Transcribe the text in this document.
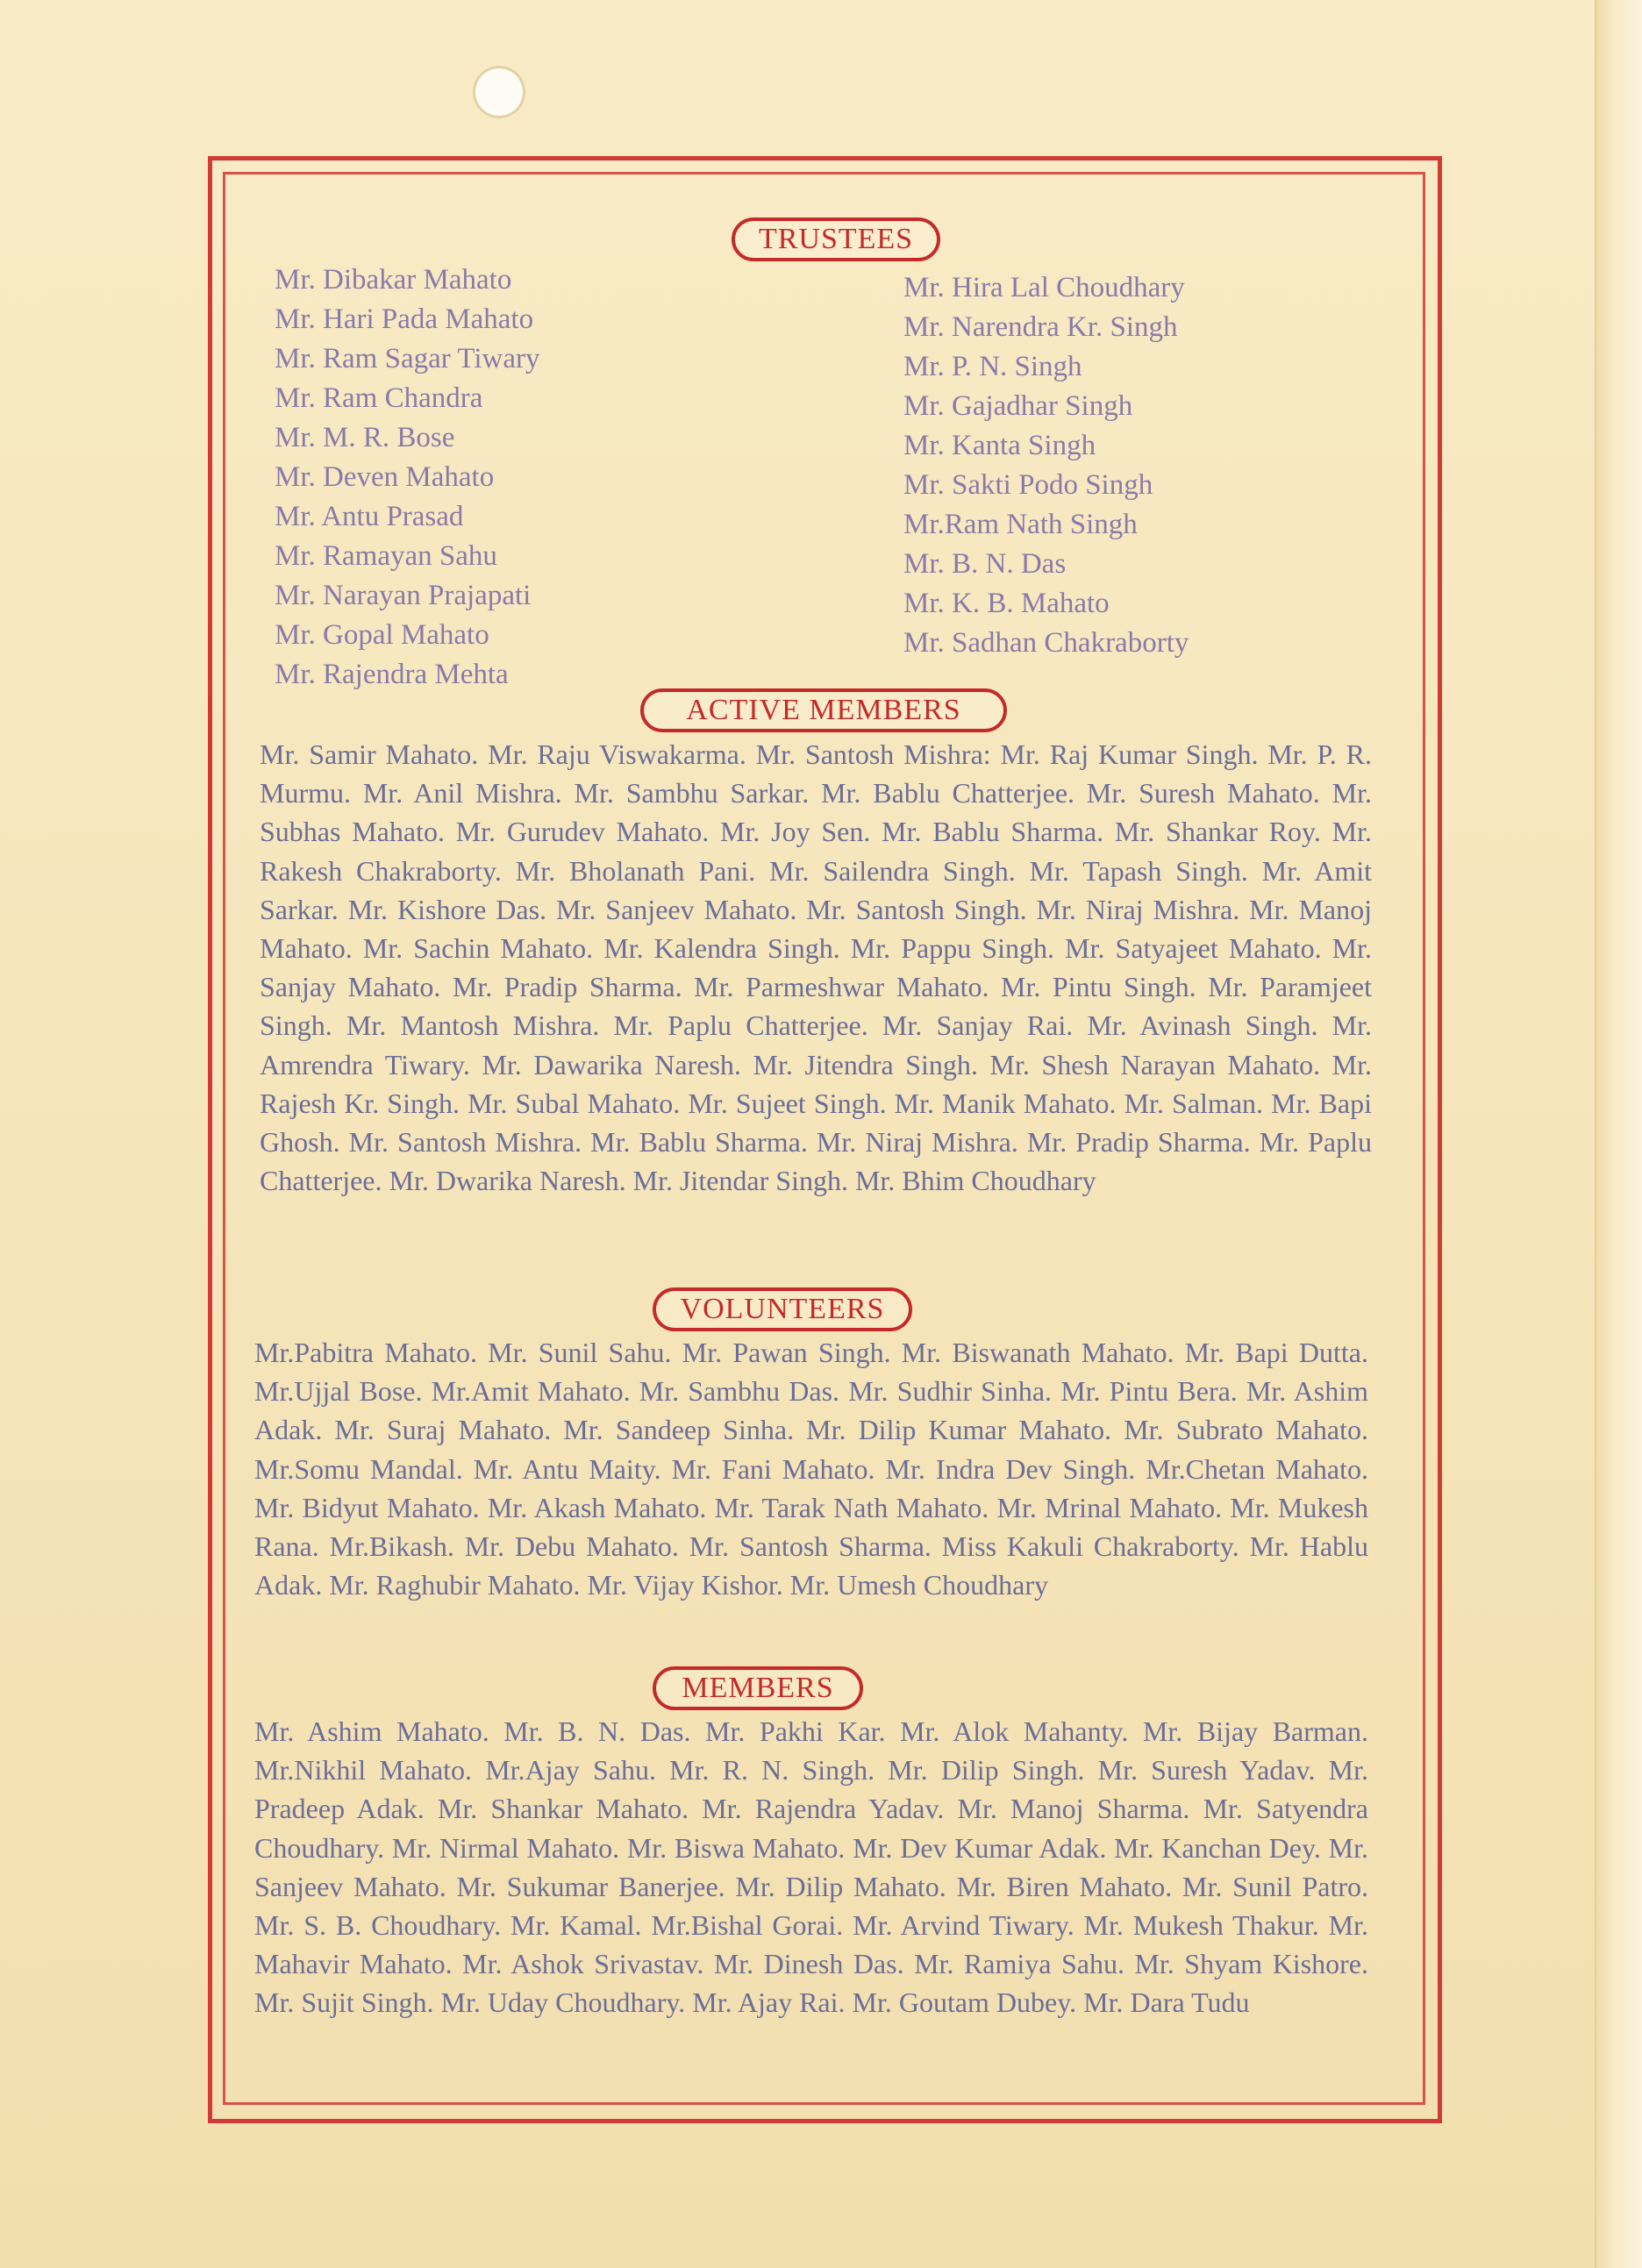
TRUSTEES
Mr. Dibakar Mahato
Mr. Hari Pada Mahato
Mr. Ram Sagar Tiwary
Mr. Ram Chandra
Mr. M. R. Bose
Mr. Deven Mahato
Mr. Antu Prasad
Mr. Ramayan Sahu
Mr. Narayan Prajapati
Mr. Gopal Mahato
Mr. Rajendra Mehta
Mr. Hira Lal Choudhary
Mr. Narendra Kr. Singh
Mr. P. N. Singh
Mr. Gajadhar Singh
Mr. Kanta Singh
Mr. Sakti Podo Singh
Mr.Ram Nath Singh
Mr. B. N. Das
Mr. K. B. Mahato
Mr. Sadhan Chakraborty
ACTIVE MEMBERS

Mr. Samir Mahato. Mr. Raju Viswakarma. Mr. Santosh Mishra: Mr. Raj Kumar Singh. Mr. P. R. Murmu. Mr. Anil Mishra. Mr. Sambhu Sarkar. Mr. Bablu Chatterjee. Mr. Suresh Mahato. Mr. Subhas Mahato. Mr. Gurudev Mahato. Mr. Joy Sen. Mr. Bablu Sharma. Mr. Shankar Roy. Mr. Rakesh Chakraborty. Mr. Bholanath Pani. Mr. Sailendra Singh. Mr. Tapash Singh. Mr. Amit Sarkar. Mr. Kishore Das. Mr. Sanjeev Mahato. Mr. Santosh Singh. Mr. Niraj Mishra. Mr. Manoj Mahato. Mr. Sachin Mahato. Mr. Kalendra Singh. Mr. Pappu Singh. Mr. Satyajeet Mahato. Mr. Sanjay Mahato. Mr. Pradip Sharma. Mr. Parmeshwar Mahato. Mr. Pintu Singh. Mr. Paramjeet Singh. Mr. Mantosh Mishra. Mr. Paplu Chatterjee. Mr. Sanjay Rai. Mr. Avinash Singh. Mr. Amrendra Tiwary. Mr. Dawarika Naresh. Mr. Jitendra Singh. Mr. Shesh Narayan Mahato. Mr. Rajesh Kr. Singh. Mr. Subal Mahato. Mr. Sujeet Singh. Mr. Manik Mahato. Mr. Salman. Mr. Bapi Ghosh. Mr. Santosh Mishra. Mr. Bablu Sharma. Mr. Niraj Mishra. Mr. Pradip Sharma. Mr. Paplu Chatterjee. Mr. Dwarika Naresh. Mr. Jitendar Singh. Mr. Bhim Choudhary

VOLUNTEERS

Mr.Pabitra Mahato. Mr. Sunil Sahu. Mr. Pawan Singh. Mr. Biswanath Mahato. Mr. Bapi Dutta. Mr.Ujjal Bose. Mr.Amit Mahato. Mr. Sambhu Das. Mr. Sudhir Sinha. Mr. Pintu Bera. Mr. Ashim Adak. Mr. Suraj Mahato. Mr. Sandeep Sinha. Mr. Dilip Kumar Mahato. Mr. Subrato Mahato. Mr.Somu Mandal. Mr. Antu Maity. Mr. Fani Mahato. Mr. Indra Dev Singh. Mr.Chetan Mahato. Mr. Bidyut Mahato. Mr. Akash Mahato. Mr. Tarak Nath Mahato. Mr. Mrinal Mahato. Mr. Mukesh Rana. Mr.Bikash. Mr. Debu Mahato. Mr. Santosh Sharma. Miss Kakuli Chakraborty. Mr. Hablu Adak. Mr. Raghubir Mahato. Mr. Vijay Kishor. Mr. Umesh Choudhary

MEMBERS

Mr. Ashim Mahato. Mr. B. N. Das. Mr. Pakhi Kar. Mr. Alok Mahanty. Mr. Bijay Barman. Mr.Nikhil Mahato. Mr.Ajay Sahu. Mr. R. N. Singh. Mr. Dilip Singh. Mr. Suresh Yadav. Mr. Pradeep Adak. Mr. Shankar Mahato. Mr. Rajendra Yadav. Mr. Manoj Sharma. Mr. Satyendra Choudhary. Mr. Nirmal Mahato. Mr. Biswa Mahato. Mr. Dev Kumar Adak. Mr. Kanchan Dey. Mr. Sanjeev Mahato. Mr. Sukumar Banerjee. Mr. Dilip Mahato. Mr. Biren Mahato. Mr. Sunil Patro. Mr. S. B. Choudhary. Mr. Kamal. Mr.Bishal Gorai. Mr. Arvind Tiwary. Mr. Mukesh Thakur. Mr. Mahavir Mahato. Mr. Ashok Srivastav. Mr. Dinesh Das. Mr. Ramiya Sahu. Mr. Shyam Kishore. Mr. Sujit Singh. Mr. Uday Choudhary. Mr. Ajay Rai. Mr. Goutam Dubey. Mr. Dara Tudu
